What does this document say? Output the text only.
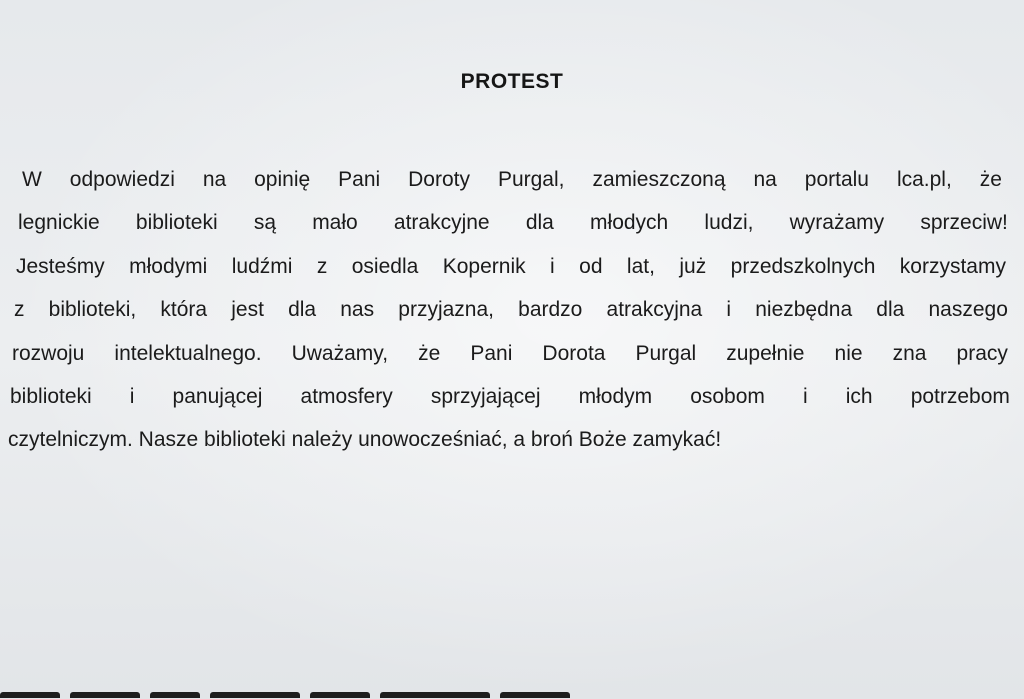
PROTEST
W odpowiedzi na opinię Pani Doroty Purgal, zamieszczoną na portalu lca.pl, że
legnickie biblioteki są mało atrakcyjne dla młodych ludzi, wyrażamy sprzeciw!
Jesteśmy młodymi ludźmi z osiedla Kopernik i od lat, już przedszkolnych korzystamy
z biblioteki, która jest dla nas przyjazna, bardzo atrakcyjna i niezbędna dla naszego
rozwoju intelektualnego. Uważamy, że Pani Dorota Purgal zupełnie nie zna pracy
biblioteki i panującej atmosfery sprzyjającej młodym osobom i ich potrzebom
czytelniczym. Nasze biblioteki należy unowocześniać, a broń Boże zamykać!
